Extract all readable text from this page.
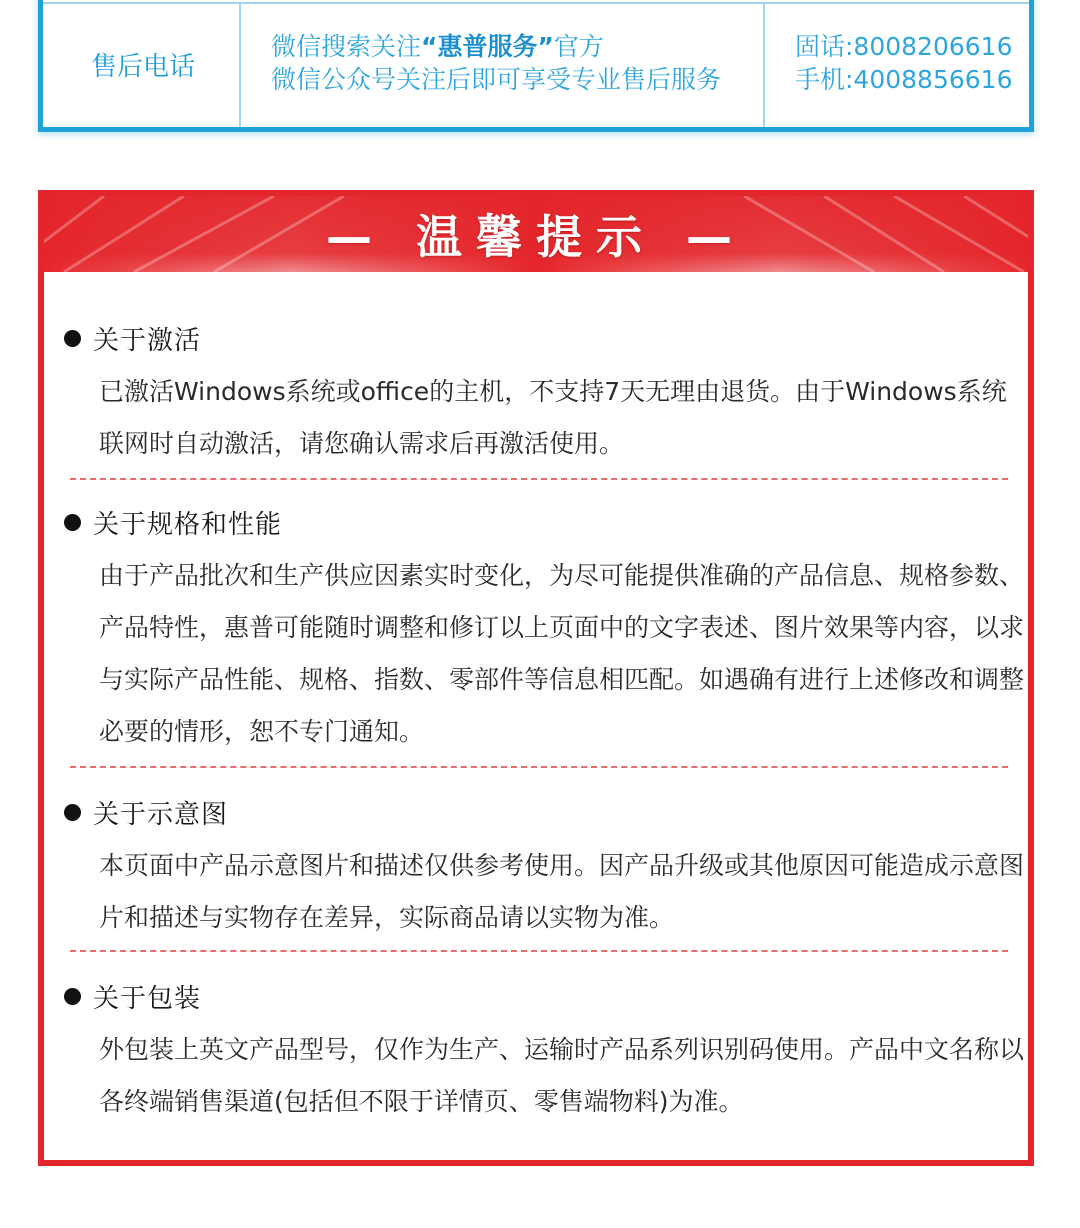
售后电话
微信搜索关注“惠普服务”官方
微信公众号关注后即可享受专业售后服务
固话:8008206616
手机:4008856616
— 温馨提示 —
关于激活
已激活Windows系统或office的主机，不支持7天无理由退货。由于Windows系统联网时自动激活，请您确认需求后再激活使用。
关于规格和性能
由于产品批次和生产供应因素实时变化，为尽可能提供准确的产品信息、规格参数、产品特性，惠普可能随时调整和修订以上页面中的文字表述、图片效果等内容，以求与实际产品性能、规格、指数、零部件等信息相匹配。如遇确有进行上述修改和调整必要的情形，恕不专门通知。
关于示意图
本页面中产品示意图片和描述仅供参考使用。因产品升级或其他原因可能造成示意图片和描述与实物存在差异，实际商品请以实物为准。
关于包装
外包装上英文产品型号，仅作为生产、运输时产品系列识别码使用。产品中文名称以各终端销售渠道(包括但不限于详情页、零售端物料)为准。
